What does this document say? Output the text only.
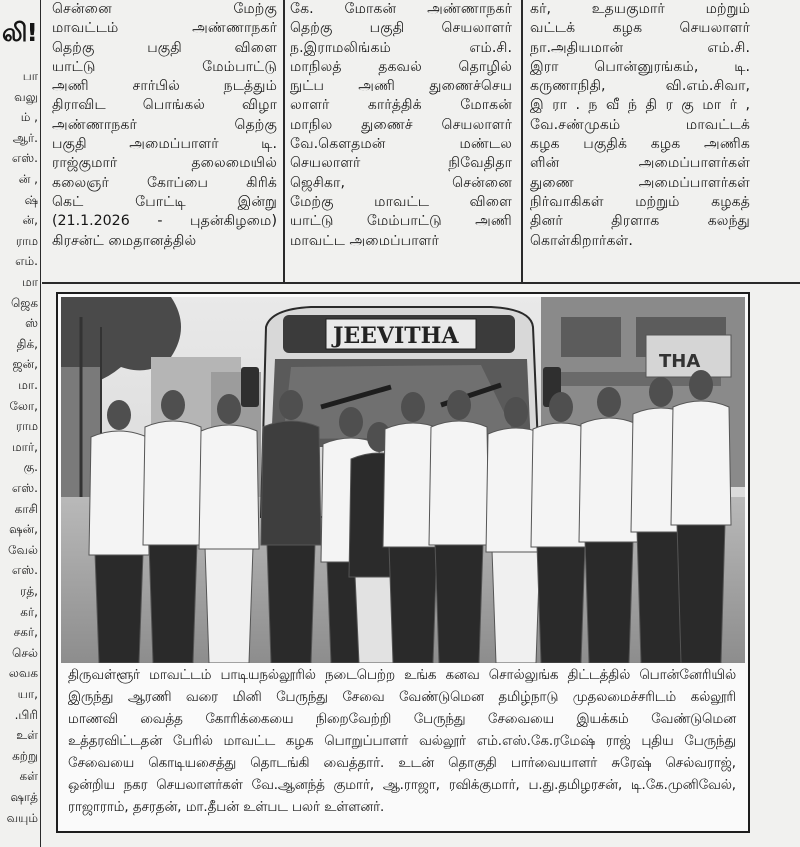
லி!
பா
வலு
ம் ,
ஆர்.
எஸ்.
ன் ,
ஷ்
ன்,
ராம
எம்.
மா
ஜெக
ஸ்
திக்,
ஜன்,
மா.
லோ,
ராம
மார்,
கு.
எஸ்.
காசி
ஷன்,
வேல்
எஸ்.
ரத்,
கர்,
சகர்,
செல்
லவக
யா,
.பிரி
உள்
கற்று
கள்
ஷாத்
வயும்
சென்னை மேற்கு
மாவட்டம் அண்ணாநகர்
தெற்கு பகுதி விளை
யாட்டு மேம்பாட்டு
அணி சார்பில் நடத்தும்
திராவிட பொங்கல் விழா
அண்ணாநகர் தெற்கு
பகுதி அமைப்பாளர் டி.
ராஜ்குமார் தலைமையில்
கலைஞர் கோப்பை கிரிக்
கெட் போட்டி இன்று
(21.1.2026 - புதன்கிழமை)
கிரசன்ட் மைதானத்தில்
கே. மோகன் அண்ணாநகர்
தெற்கு பகுதி செயலாளர்
ந.இராமலிங்கம் எம்.சி.
மாநிலத் தகவல் தொழில்
நுட்ப அணி துணைச்செய
லாளர் கார்த்திக் மோகன்
மாநில துணைச் செயலாளர்
வே.கௌதமன் மண்டல
செயலாளர் நிவேதிதா
ஜெசிகா, சென்னை
மேற்கு மாவட்ட விளை
யாட்டு மேம்பாட்டு அணி
மாவட்ட அமைப்பாளர்
கர், உதயகுமார் மற்றும்
வட்டக் கழக செயலாளர்
நா.அதியமான் எம்.சி.
இரா பொன்னுரங்கம், டி.
கருணாநிதி, வி.எம்.சிவா,
இ ரா . ந வீ ந் தி ர கு மா ர் ,
வே.சண்முகம் மாவட்டக்
கழக பகுதிக் கழக அணிக
ளின் அமைப்பாளர்கள்
துணை அமைப்பாளர்கள்
நிர்வாகிகள் மற்றும் கழகத்
தினர் திரளாக கலந்து
கொள்கிறார்கள்.
THA
JEEVITHA
திருவள்ளூர் மாவட்டம் பாடியநல்லூரில் நடைபெற்ற உங்க கனவ சொல்லுங்க திட்டத்தில் பொன்னேரியில்
இருந்து ஆரணி வரை மினி பேருந்து சேவை வேண்டுமென தமிழ்நாடு முதலமைச்சரிடம் கல்லூரி
மாணவி வைத்த கோரிக்கையை நிறைவேற்றி பேருந்து சேவையை இயக்கம் வேண்டுமென
உத்தரவிட்டதன் பேரில் மாவட்ட கழக பொறுப்பாளர் வல்லூர் எம்.எஸ்.கே.ரமேஷ் ராஜ் புதிய பேருந்து
சேவையை கொடியசைத்து தொடங்கி வைத்தார். உடன் தொகுதி பார்வையாளர் சுரேஷ் செல்வராஜ்,
ஒன்றிய நகர செயலாளர்கள் வே.ஆனந்த் குமார், ஆ.ராஜா, ரவிக்குமார், ப.து.தமிழரசன், டி.கே.முனிவேல்,
ராஜாராம், தசரதன், மா.தீபன் உள்பட பலர் உள்ளனர்.
